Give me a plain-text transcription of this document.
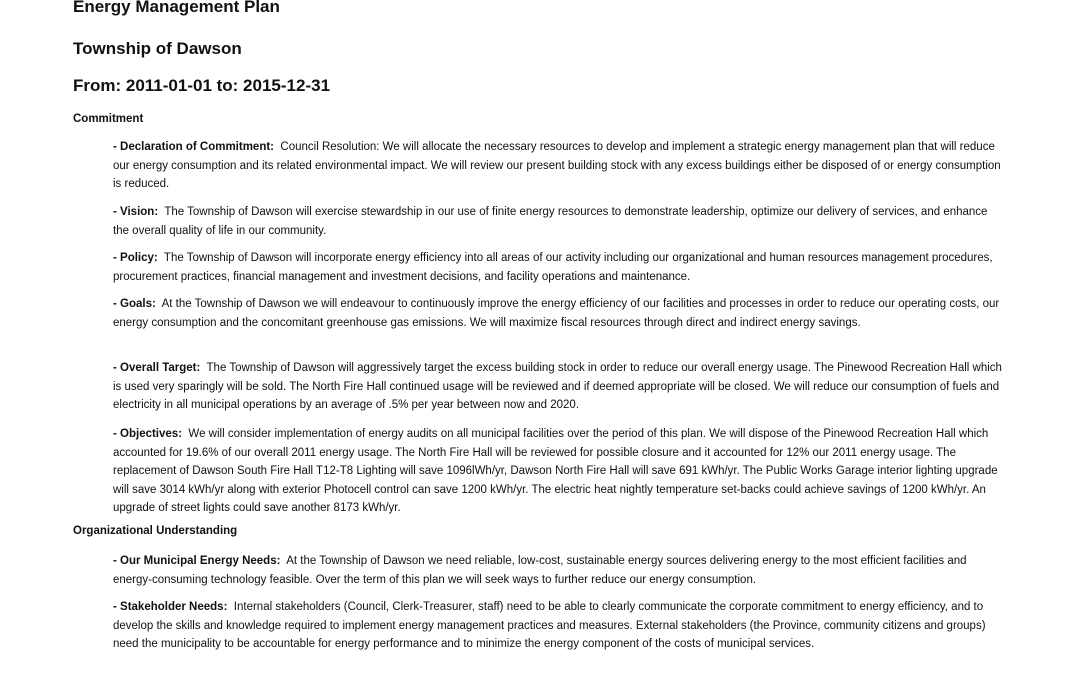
Energy Management Plan
Township of Dawson
From: 2011-01-01 to: 2015-12-31
Commitment

- Declaration of Commitment: Council Resolution: We will allocate the necessary resources to develop and implement a strategic energy management plan that will reduce our energy consumption and its related environmental impact. We will review our present building stock with any excess buildings either be disposed of or energy consumption is reduced.

- Vision: The Township of Dawson will exercise stewardship in our use of finite energy resources to demonstrate leadership, optimize our delivery of services, and enhance the overall quality of life in our community.

- Policy: The Township of Dawson will incorporate energy efficiency into all areas of our activity including our organizational and human resources management procedures, procurement practices, financial management and investment decisions, and facility operations and maintenance.

- Goals: At the Township of Dawson we will endeavour to continuously improve the energy efficiency of our facilities and processes in order to reduce our operating costs, our energy consumption and the concomitant greenhouse gas emissions. We will maximize fiscal resources through direct and indirect energy savings.

- Overall Target: The Township of Dawson will aggressively target the excess building stock in order to reduce our overall energy usage. The Pinewood Recreation Hall which is used very sparingly will be sold. The North Fire Hall continued usage will be reviewed and if deemed appropriate will be closed. We will reduce our consumption of fuels and electricity in all municipal operations by an average of .5% per year between now and 2020.

- Objectives: We will consider implementation of energy audits on all municipal facilities over the period of this plan. We will dispose of the Pinewood Recreation Hall which accounted for 19.6% of our overall 2011 energy usage. The North Fire Hall will be reviewed for possible closure and it accounted for 12% our 2011 energy usage. The replacement of Dawson South Fire Hall T12-T8 Lighting will save 1096lWh/yr, Dawson North Fire Hall will save 691 kWh/yr. The Public Works Garage interior lighting upgrade will save 3014 kWh/yr along with exterior Photocell control can save 1200 kWh/yr. The electric heat nightly temperature set-backs could achieve savings of 1200 kWh/yr. An upgrade of street lights could save another 8173 kWh/yr.

Organizational Understanding

- Our Municipal Energy Needs: At the Township of Dawson we need reliable, low-cost, sustainable energy sources delivering energy to the most efficient facilities and energy-consuming technology feasible. Over the term of this plan we will seek ways to further reduce our energy consumption.

- Stakeholder Needs: Internal stakeholders (Council, Clerk-Treasurer, staff) need to be able to clearly communicate the corporate commitment to energy efficiency, and to develop the skills and knowledge required to implement energy management practices and measures. External stakeholders (the Province, community citizens and groups) need the municipality to be accountable for energy performance and to minimize the energy component of the costs of municipal services.
